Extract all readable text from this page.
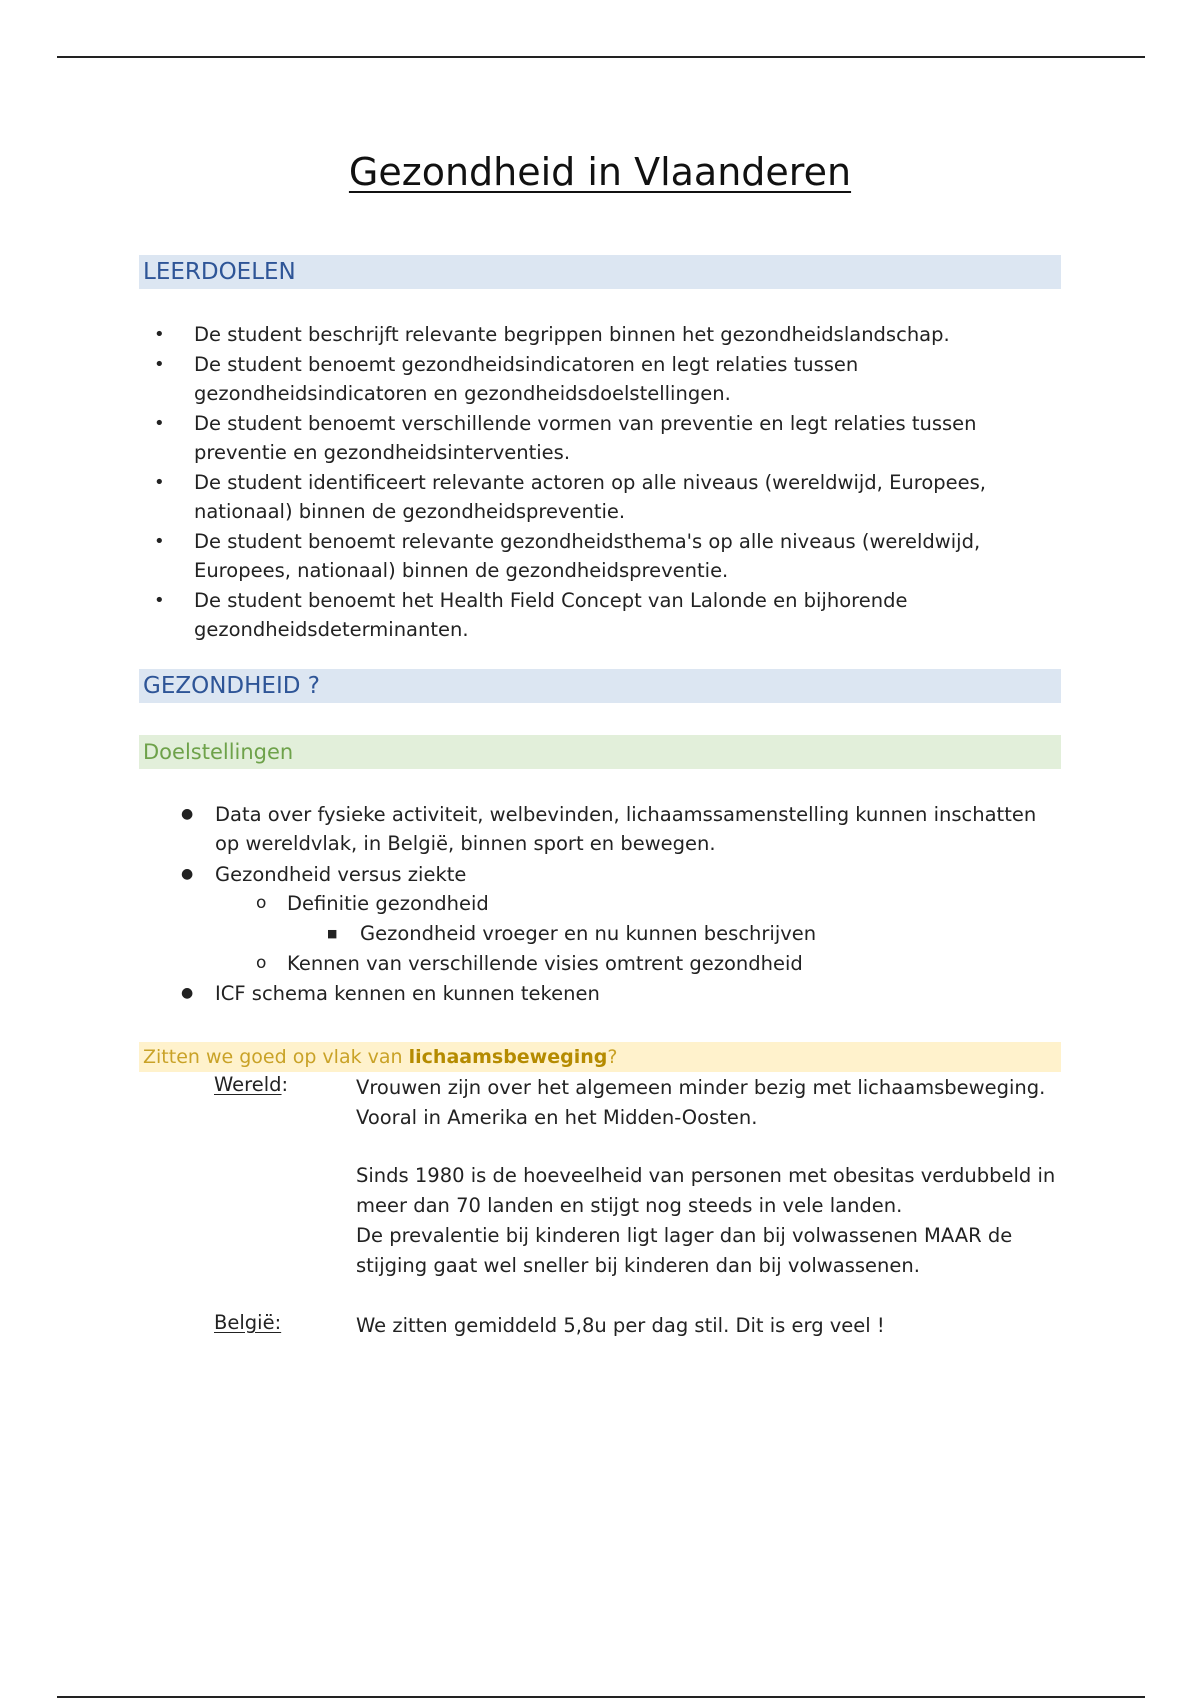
Gezondheid in Vlaanderen
LEERDOELEN
• De student beschrijft relevante begrippen binnen het gezondheidslandschap.
• De student benoemt gezondheidsindicatoren en legt relaties tussen gezondheidsindicatoren en gezondheidsdoelstellingen.
• De student benoemt verschillende vormen van preventie en legt relaties tussen preventie en gezondheidsinterventies.
• De student identificeert relevante actoren op alle niveaus (wereldwijd, Europees, nationaal) binnen de gezondheidspreventie.
• De student benoemt relevante gezondheidsthema's op alle niveaus (wereldwijd, Europees, nationaal) binnen de gezondheidspreventie.
• De student benoemt het Health Field Concept van Lalonde en bijhorende gezondheidsdeterminanten.
GEZONDHEID ?
Doelstellingen
● Data over fysieke activiteit, welbevinden, lichaamssamenstelling kunnen inschatten op wereldvlak, in België, binnen sport en bewegen.
● Gezondheid versus ziekte
o Definitie gezondheid
■ Gezondheid vroeger en nu kunnen beschrijven
o Kennen van verschillende visies omtrent gezondheid
● ICF schema kennen en kunnen tekenen
Zitten we goed op vlak van lichaamsbeweging?
Wereld:	Vrouwen zijn over het algemeen minder bezig met lichaamsbeweging. Vooral in Amerika en het Midden-Oosten.

Sinds 1980 is de hoeveelheid van personen met obesitas verdubbeld in meer dan 70 landen en stijgt nog steeds in vele landen.

De prevalentie bij kinderen ligt lager dan bij volwassenen MAAR de stijging gaat wel sneller bij kinderen dan bij volwassenen.

België:	We zitten gemiddeld 5,8u per dag stil. Dit is erg veel !
